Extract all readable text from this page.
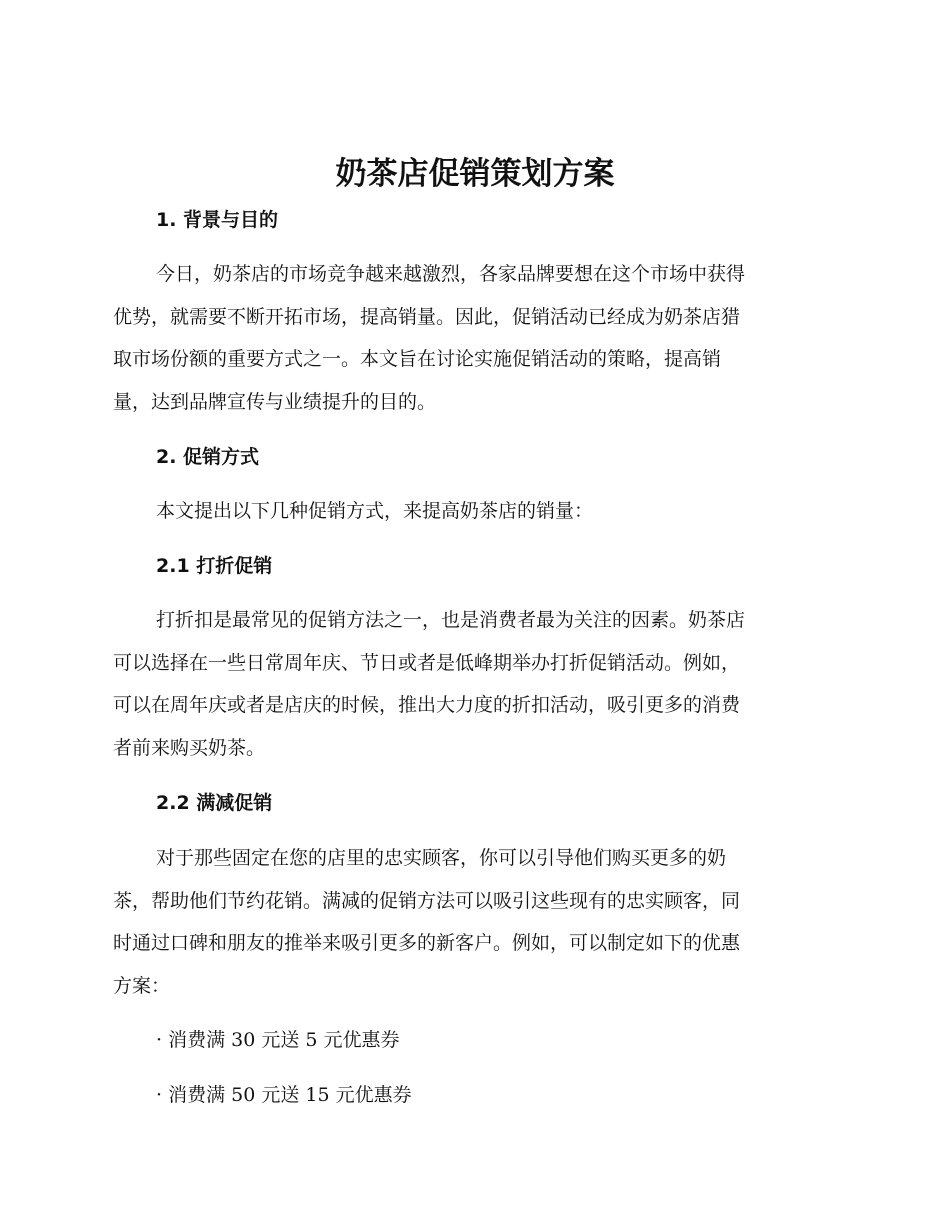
奶茶店促销策划方案
1. 背景与目的
今日，奶茶店的市场竞争越来越激烈，各家品牌要想在这个市场中获得
优势，就需要不断开拓市场，提高销量。因此，促销活动已经成为奶茶店猎
取市场份额的重要方式之一。本文旨在讨论实施促销活动的策略，提高销
量，达到品牌宣传与业绩提升的目的。
2. 促销方式
本文提出以下几种促销方式，来提高奶茶店的销量：
2.1 打折促销
打折扣是最常见的促销方法之一，也是消费者最为关注的因素。奶茶店
可以选择在一些日常周年庆、节日或者是低峰期举办打折促销活动。例如，
可以在周年庆或者是店庆的时候，推出大力度的折扣活动，吸引更多的消费
者前来购买奶茶。
2.2 满减促销
对于那些固定在您的店里的忠实顾客，你可以引导他们购买更多的奶
茶，帮助他们节约花销。满减的促销方法可以吸引这些现有的忠实顾客，同
时通过口碑和朋友的推举来吸引更多的新客户。例如，可以制定如下的优惠
方案：

· 消费满 30 元送 5 元优惠券

· 消费满 50 元送 15 元优惠券
